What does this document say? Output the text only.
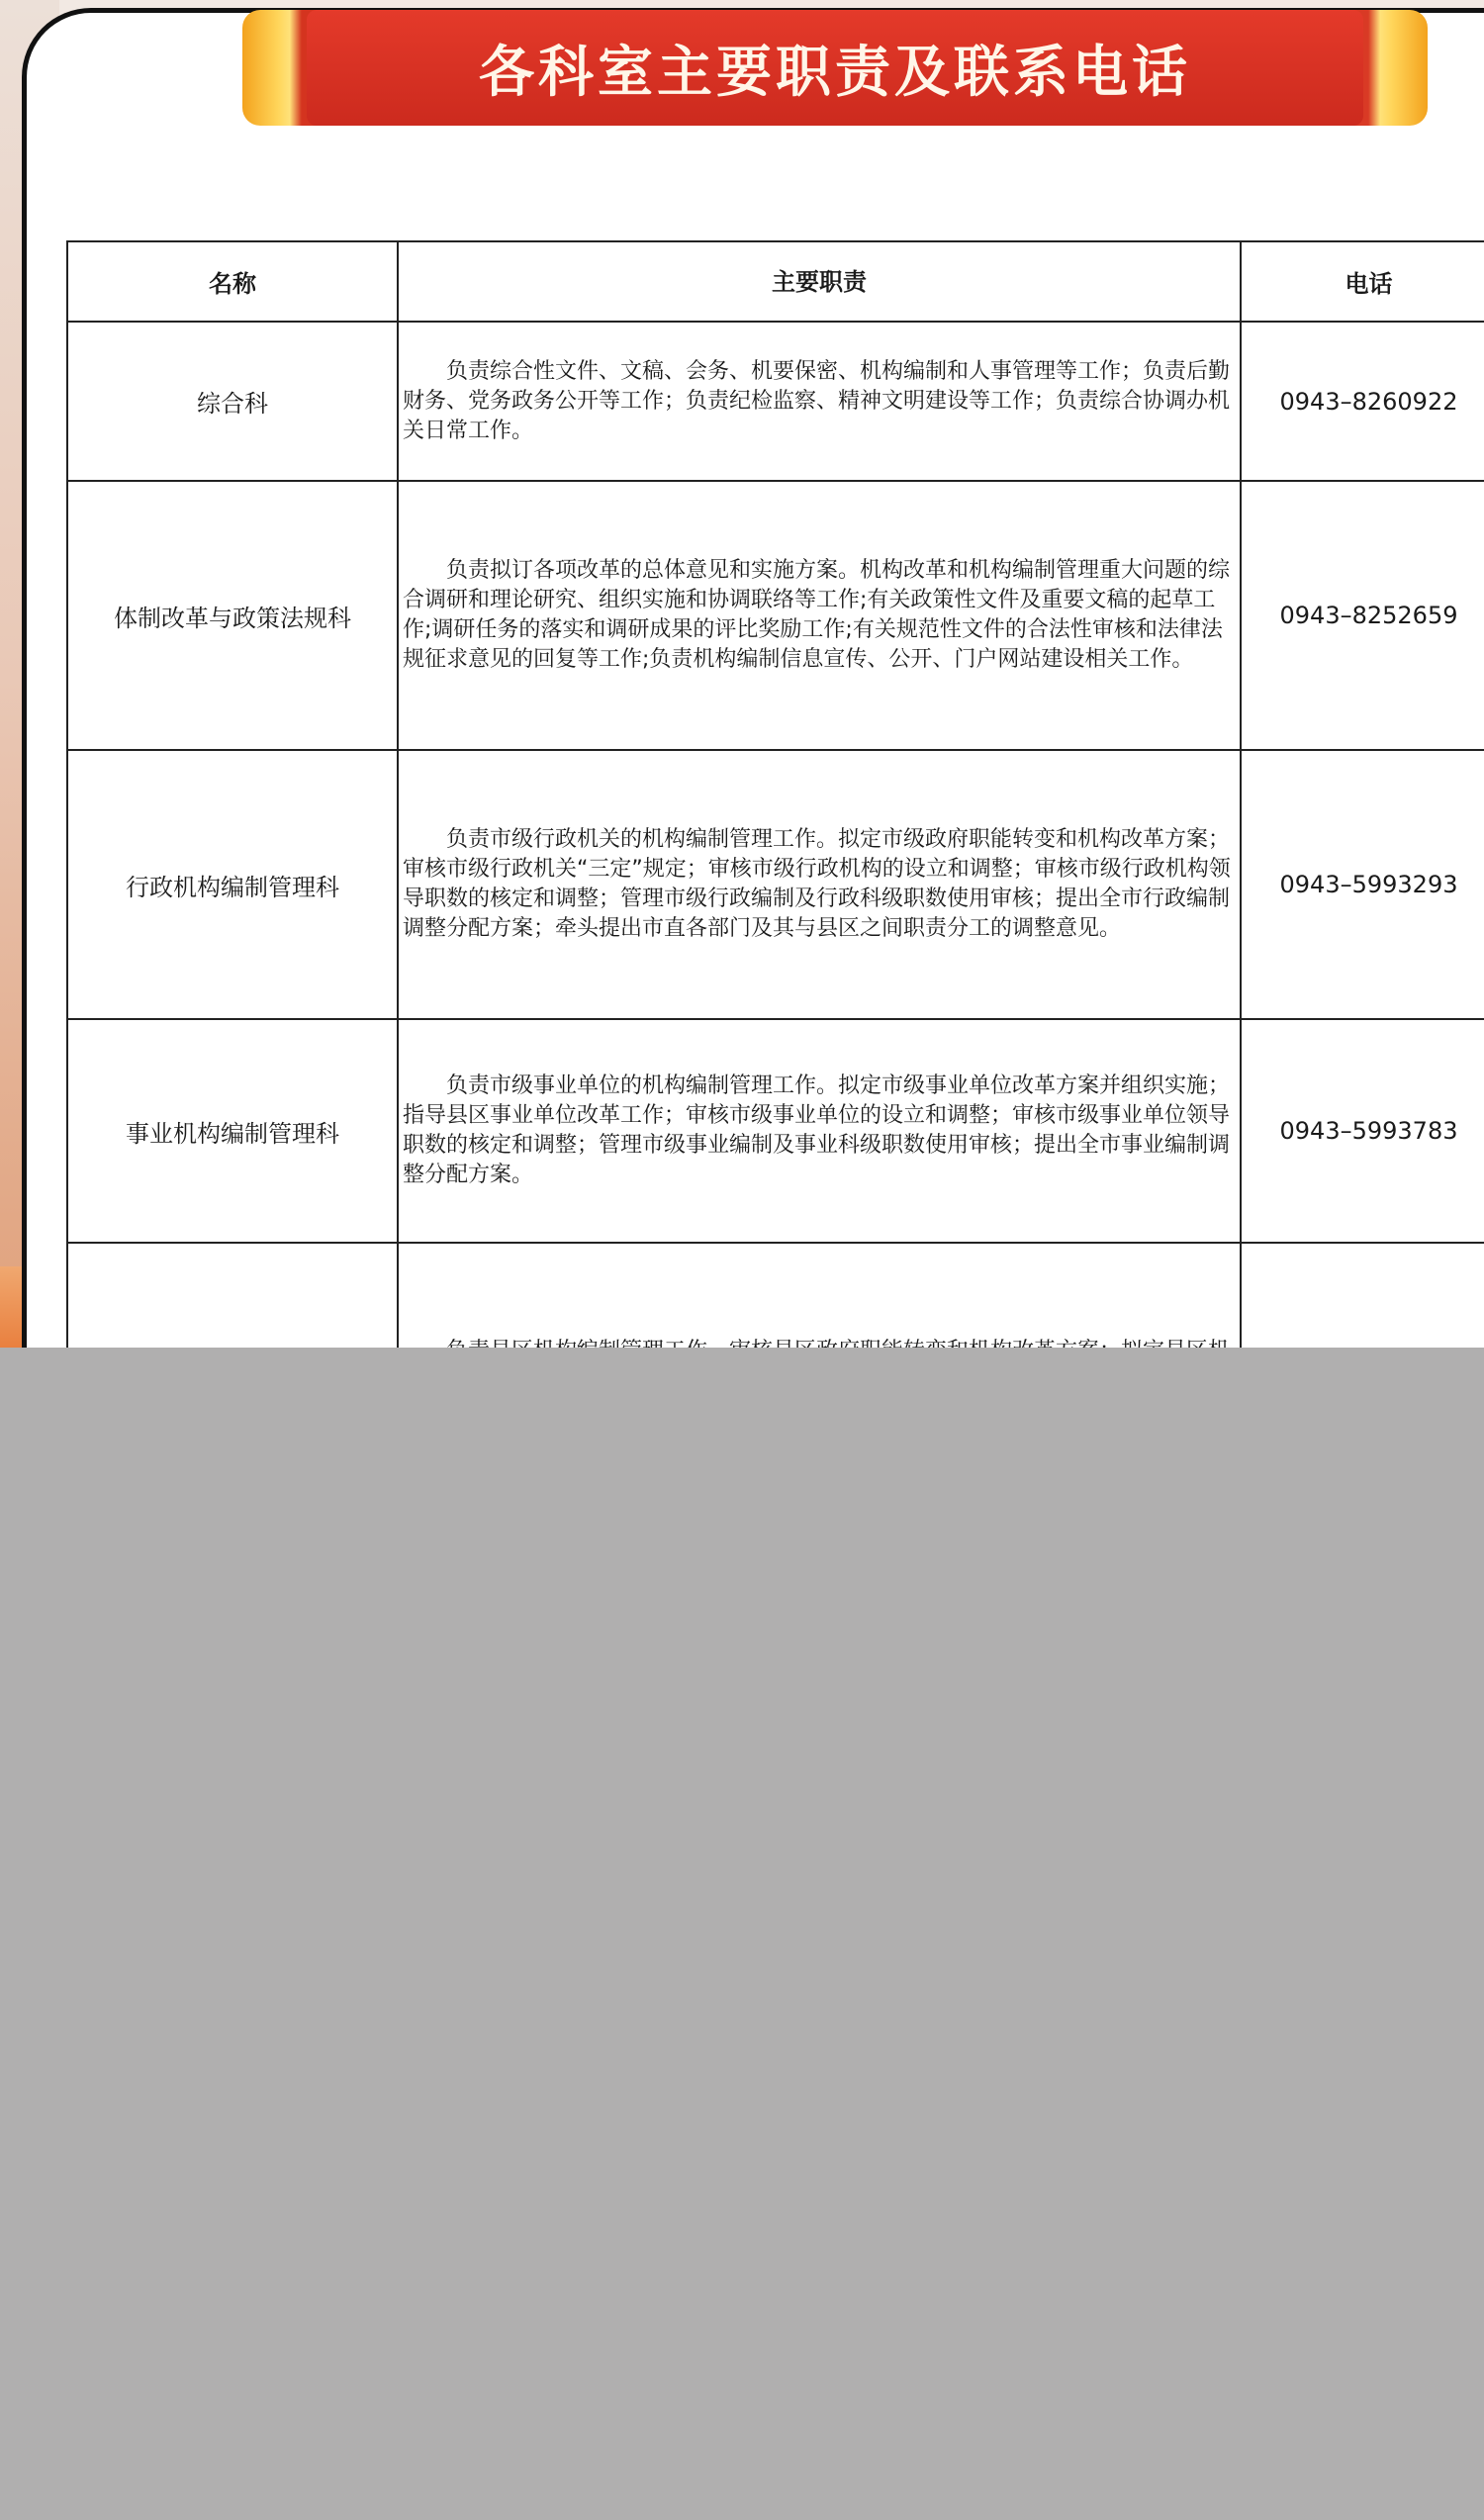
各科室主要职责及联系电话
名称	主要职责	电话
综合科	负责综合性文件、文稿、会务、机要保密、机构编制和人事管理等工作；负责后勤财务、党务政务公开等工作；负责纪检监察、精神文明建设等工作；负责综合协调办机关日常工作。	0943–8260922
体制改革与政策法规科	负责拟订各项改革的总体意见和实施方案。机构改革和机构编制管理重大问题的综合调研和理论研究、组织实施和协调联络等工作;有关政策性文件及重要文稿的起草工作;调研任务的落实和调研成果的评比奖励工作;有关规范性文件的合法性审核和法律法规征求意见的回复等工作;负责机构编制信息宣传、公开、门户网站建设相关工作。	0943–8252659
行政机构编制管理科	负责市级行政机关的机构编制管理工作。拟定市级政府职能转变和机构改革方案；审核市级行政机关“三定”规定；审核市级行政机构的设立和调整；审核市级行政机构领导职数的核定和调整；管理市级行政编制及行政科级职数使用审核；提出全市行政编制调整分配方案；牵头提出市直各部门及其与县区之间职责分工的调整意见。	0943–5993293
事业机构编制管理科	负责市级事业单位的机构编制管理工作。拟定市级事业单位改革方案并组织实施；指导县区事业单位改革工作；审核市级事业单位的设立和调整；审核市级事业单位领导职数的核定和调整；管理市级事业编制及事业科级职数使用审核；提出全市事业编制调整分配方案。	0943–5993783
